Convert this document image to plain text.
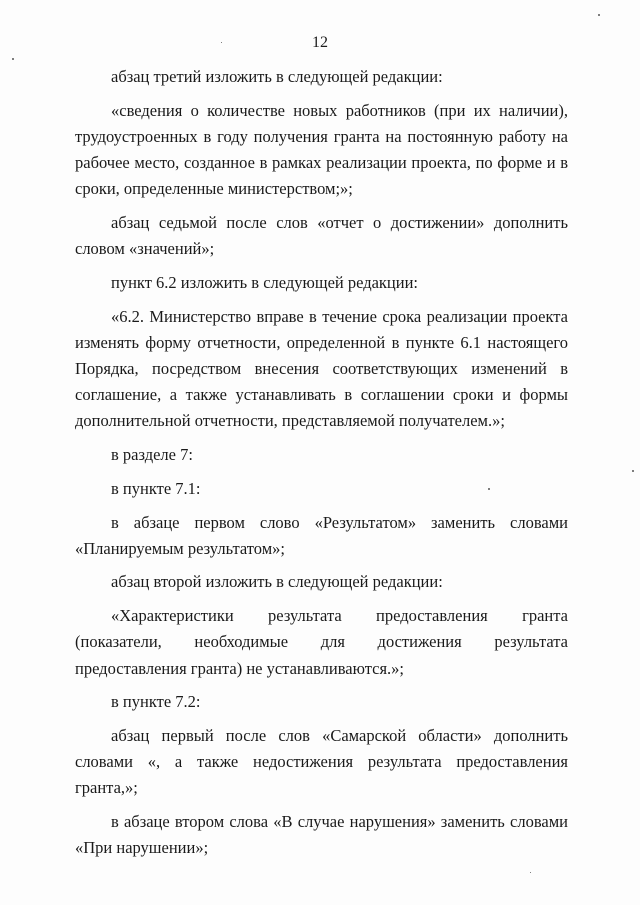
12

абзац третий изложить в следующей редакции:

«сведения о количестве новых работников (при их наличии), трудоустроенных в году получения гранта на постоянную работу на рабочее место, созданное в рамках реализации проекта, по форме и в сроки, определенные министерством;»;

абзац седьмой после слов «отчет о достижении» дополнить словом «значений»;

пункт 6.2 изложить в следующей редакции:

«6.2. Министерство вправе в течение срока реализации проекта изменять форму отчетности, определенной в пункте 6.1 настоящего Порядка, посредством внесения соответствующих изменений в соглашение, а также устанавливать в соглашении сроки и формы дополнительной отчетности, представляемой получателем.»;

в разделе 7:

в пункте 7.1:

в абзаце первом слово «Результатом» заменить словами «Планируемым результатом»;

абзац второй изложить в следующей редакции:

«Характеристики результата предоставления гранта (показатели, необходимые для достижения результата предоставления гранта) не устанавливаются.»;

в пункте 7.2:

абзац первый после слов «Самарской области» дополнить словами «, а также недостижения результата предоставления гранта,»;

в абзаце втором слова «В случае нарушения» заменить словами «При нарушении»;
